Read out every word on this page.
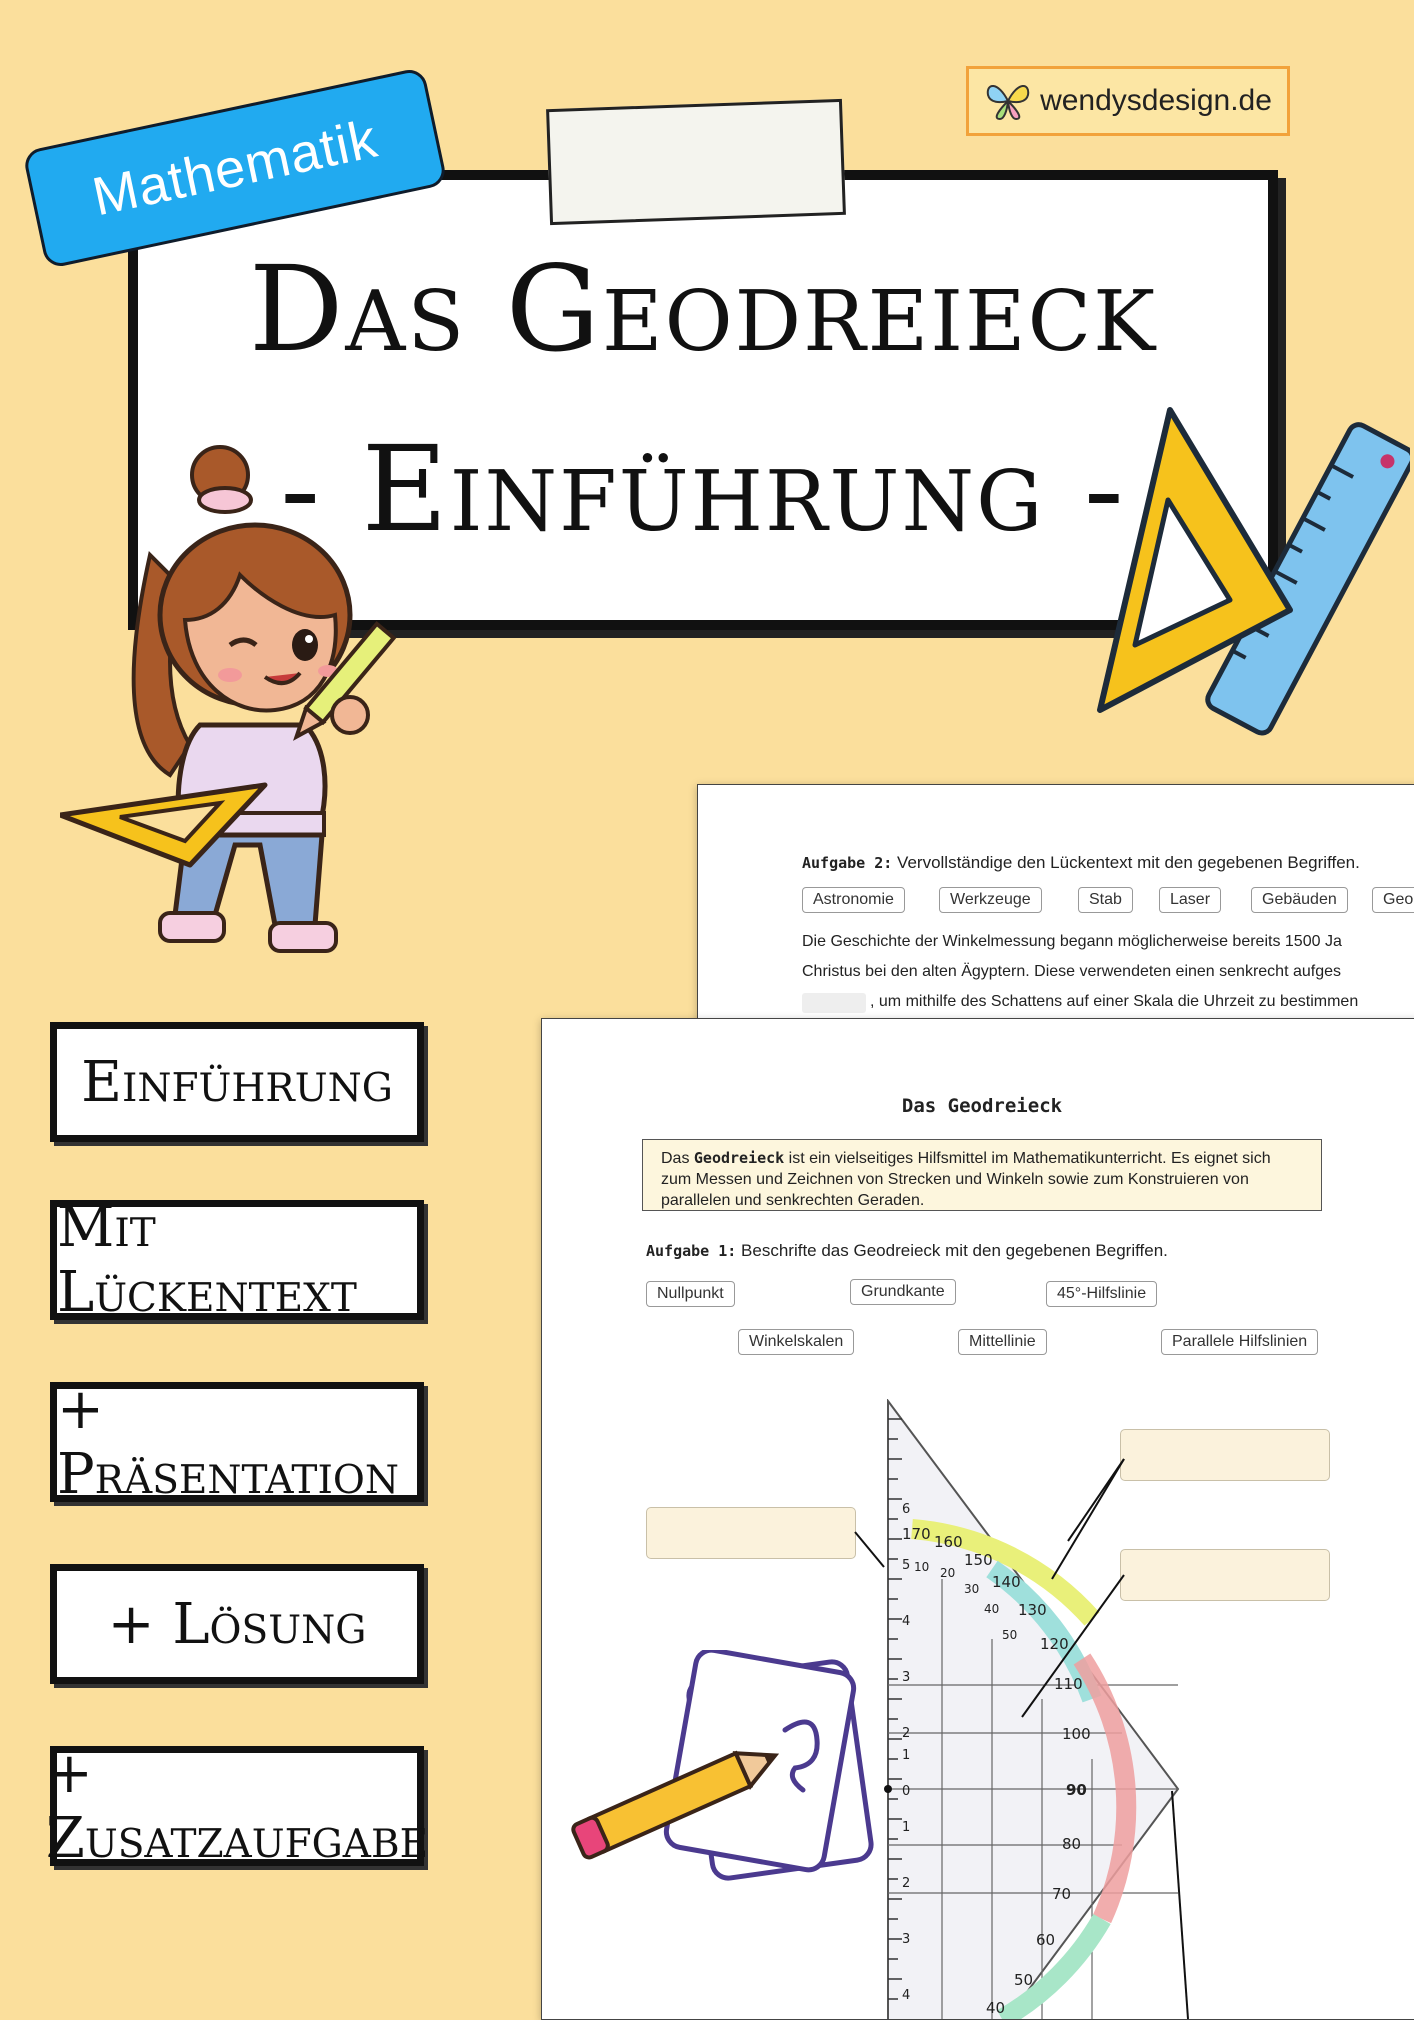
Mathematik
wendysdesign.de
Das Geodreieck
- Einführung -
Einführung
Mit Lückentext
+ Präsentation
+ Lösung
+ Zusatzaufgabe
Aufgabe 2: Vervollständige den Lückentext mit den gegebenen Begriffen.
Astronomie	Werkzeuge	Stab	Laser	Gebäuden	Geo
Die Geschichte der Winkelmessung begann möglicherweise bereits 1500 Ja
Christus bei den alten Ägyptern. Diese verwendeten einen senkrecht aufges
, um mithilfe des Schattens auf einer Skala die Uhrzeit zu bestimmen
Das Geodreieck
Das Geodreieck ist ein vielseitiges Hilfsmittel im Mathematikunterricht. Es eignet sich zum Messen und Zeichnen von Strecken und Winkeln sowie zum Konstruieren von parallelen und senkrechten Geraden.
Aufgabe 1: Beschrifte das Geodreieck mit den gegebenen Begriffen.
Nullpunkt	Grundkante	45°-Hilfslinie
Winkelskalen	Mittellinie	Parallele Hilfslinien
170 160
150
140
130
120
110
100
90
80
70
60
50
40
10 20
30
40
50
6
5
4
3
2
1
0
1
2
3
4
